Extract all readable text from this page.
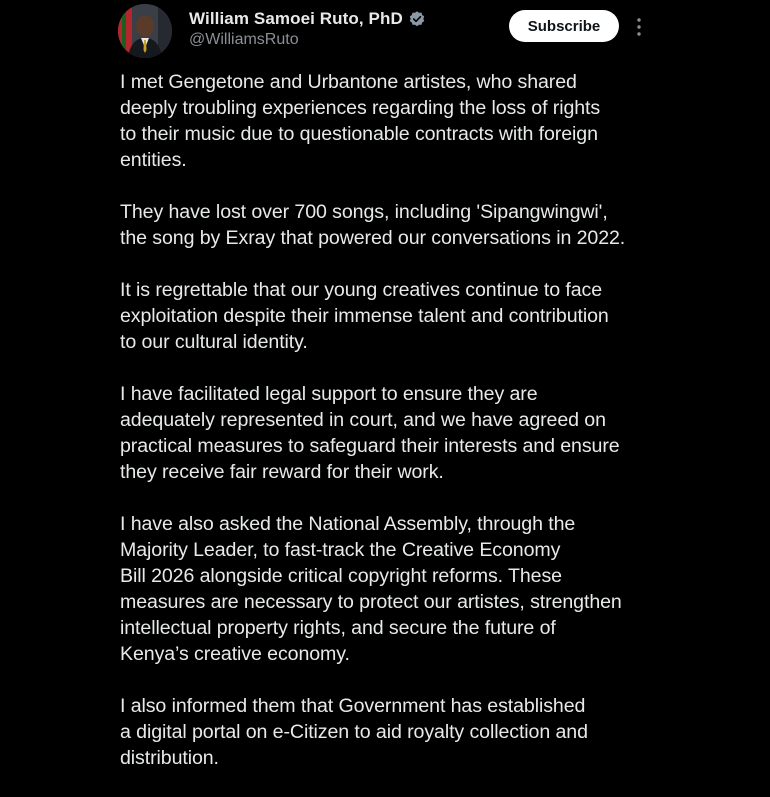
William Samoei Ruto, PhD
@WilliamsRuto
Subscribe

I met Gengetone and Urbantone artistes, who shared
deeply troubling experiences regarding the loss of rights
to their music due to questionable contracts with foreign
entities.

They have lost over 700 songs, including 'Sipangwingwi',
the song by Exray that powered our conversations in 2022.

It is regrettable that our young creatives continue to face
exploitation despite their immense talent and contribution
to our cultural identity.

I have facilitated legal support to ensure they are
adequately represented in court, and we have agreed on
practical measures to safeguard their interests and ensure
they receive fair reward for their work.

I have also asked the National Assembly, through the
Majority Leader, to fast-track the Creative Economy
Bill 2026 alongside critical copyright reforms. These
measures are necessary to protect our artistes, strengthen
intellectual property rights, and secure the future of
Kenya’s creative economy.

I also informed them that Government has established
a digital portal on e-Citizen to aid royalty collection and
distribution.
